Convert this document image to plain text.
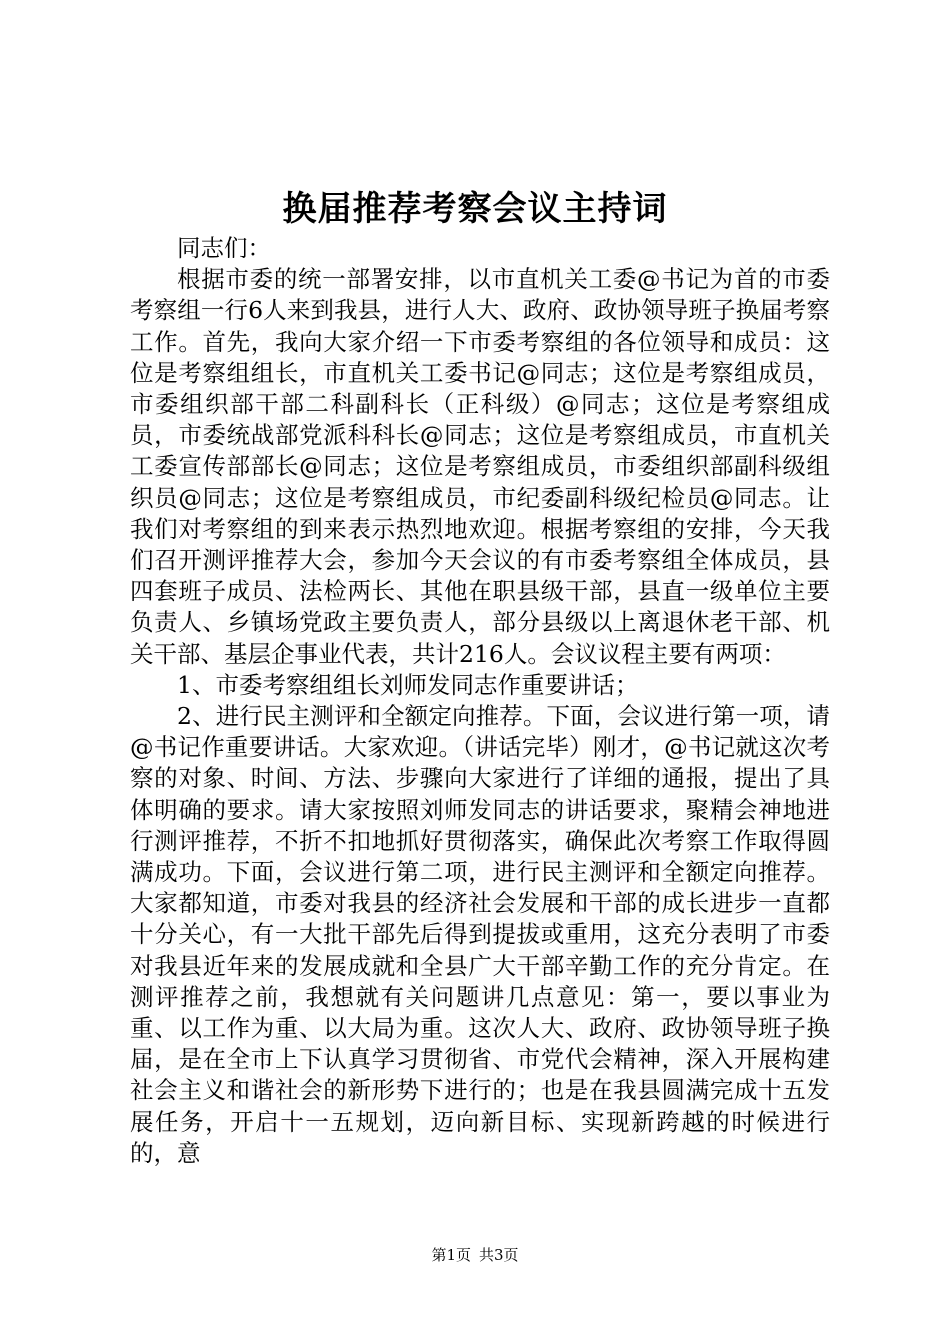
换届推荐考察会议主持词

同志们：

根据市委的统一部署安排，以市直机关工委@书记为首的市委考察组一行6人来到我县，进行人大、政府、政协领导班子换届考察工作。首先，我向大家介绍一下市委考察组的各位领导和成员：这位是考察组组长，市直机关工委书记@同志；这位是考察组成员，市委组织部干部二科副科长（正科级）@同志；这位是考察组成员，市委统战部党派科科长@同志；这位是考察组成员，市直机关工委宣传部部长@同志；这位是考察组成员，市委组织部副科级组织员@同志；这位是考察组成员，市纪委副科级纪检员@同志。让我们对考察组的到来表示热烈地欢迎。根据考察组的安排，今天我们召开测评推荐大会，参加今天会议的有市委考察组全体成员，县四套班子成员、法检两长、其他在职县级干部，县直一级单位主要负责人、乡镇场党政主要负责人，部分县级以上离退休老干部、机关干部、基层企事业代表，共计216人。会议议程主要有两项：

1、市委考察组组长刘师发同志作重要讲话；

2、进行民主测评和全额定向推荐。下面，会议进行第一项，请@书记作重要讲话。大家欢迎。（讲话完毕）刚才，@书记就这次考察的对象、时间、方法、步骤向大家进行了详细的通报，提出了具体明确的要求。请大家按照刘师发同志的讲话要求，聚精会神地进行测评推荐，不折不扣地抓好贯彻落实，确保此次考察工作取得圆满成功。下面，会议进行第二项，进行民主测评和全额定向推荐。大家都知道，市委对我县的经济社会发展和干部的成长进步一直都十分关心，有一大批干部先后得到提拔或重用，这充分表明了市委对我县近年来的发展成就和全县广大干部辛勤工作的充分肯定。在测评推荐之前，我想就有关问题讲几点意见：第一，要以事业为重、以工作为重、以大局为重。这次人大、政府、政协领导班子换届，是在全市上下认真学习贯彻省、市党代会精神，深入开展构建社会主义和谐社会的新形势下进行的；也是在我县圆满完成十五发展任务，开启十一五规划，迈向新目标、实现新跨越的时候进行的，意

第1页 共3页
